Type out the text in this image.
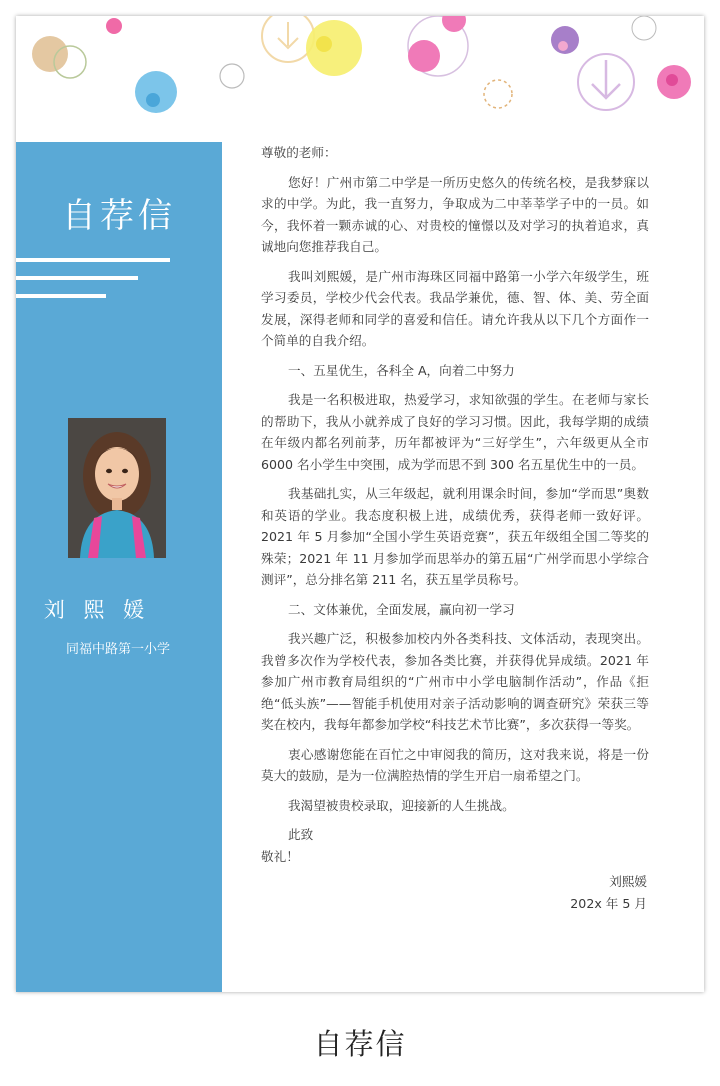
自荐信
刘 熙 媛
同福中路第一小学

尊敬的老师：

您好！广州市第二中学是一所历史悠久的传统名校，是我梦寐以求的中学。为此，我一直努力，争取成为二中莘莘学子中的一员。如今，我怀着一颗赤诚的心、对贵校的憧憬以及对学习的执着追求，真诚地向您推荐我自己。

我叫刘熙媛，是广州市海珠区同福中路第一小学六年级学生，班学习委员，学校少代会代表。我品学兼优，德、智、体、美、劳全面发展，深得老师和同学的喜爱和信任。请允许我从以下几个方面作一个简单的自我介绍。

一、五星优生，各科全 A，向着二中努力

我是一名积极进取，热爱学习，求知欲强的学生。在老师与家长的帮助下，我从小就养成了良好的学习习惯。因此，我每学期的成绩在年级内都名列前茅，历年都被评为“三好学生”，六年级更从全市 6000 名小学生中突围，成为学而思不到 300 名五星优生中的一员。

我基础扎实，从三年级起，就利用课余时间，参加“学而思”奥数和英语的学业。我态度积极上进，成绩优秀，获得老师一致好评。2021 年 5 月参加“全国小学生英语竞赛”，获五年级组全国二等奖的殊荣；2021 年 11 月参加学而思举办的第五届“广州学而思小学综合测评”，总分排名第 211 名，获五星学员称号。

二、文体兼优，全面发展，赢向初一学习

我兴趣广泛，积极参加校内外各类科技、文体活动，表现突出。我曾多次作为学校代表，参加各类比赛，并获得优异成绩。2021 年参加广州市教育局组织的“广州市中小学电脑制作活动”，作品《拒绝“低头族”——智能手机使用对亲子活动影响的调查研究》荣获三等奖在校内，我每年都参加学校“科技艺术节比赛”，多次获得一等奖。

衷心感谢您能在百忙之中审阅我的简历，这对我来说，将是一份莫大的鼓励，是为一位满腔热情的学生开启一扇希望之门。

我渴望被贵校录取，迎接新的人生挑战。

此致

敬礼！

刘熙媛

202x 年 5 月

自荐信
